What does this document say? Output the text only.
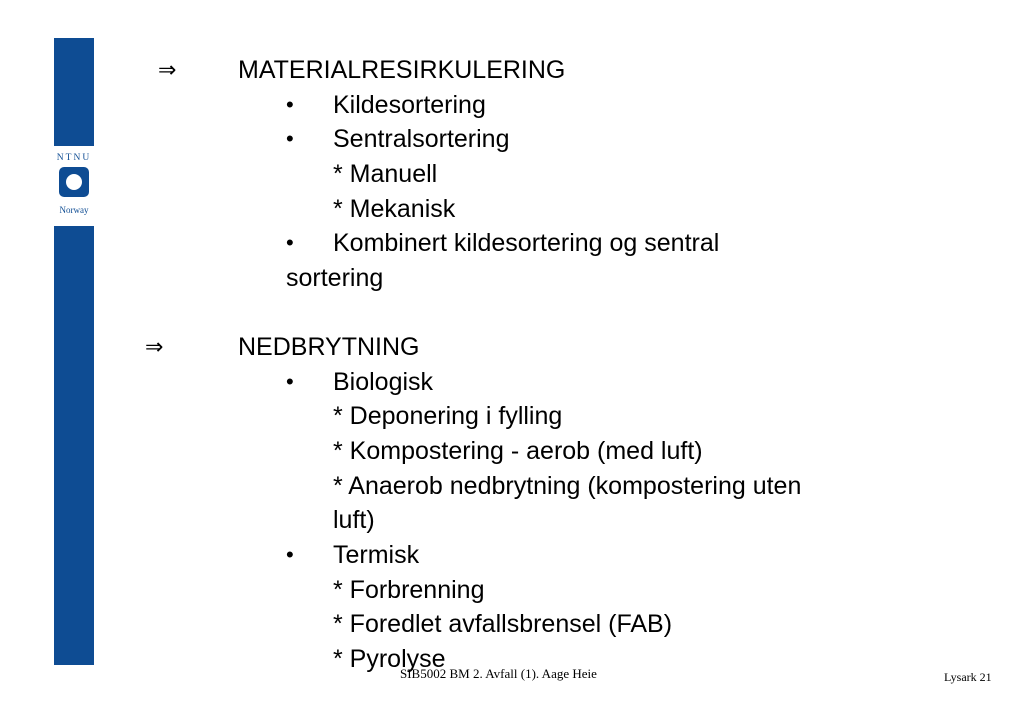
NTNU
Norway
⇒ MATERIALRESIRKULERING
• Kildesortering
• Sentralsortering
* Manuell
* Mekanisk
• Kombinert kildesortering og sentral
sortering
⇒	NEDBRYTNING
• Biologisk
* Deponering i fylling
* Kompostering - aerob (med luft)
* Anaerob nedbrytning (kompostering uten
luft)
• Termisk
* Forbrenning
* Foredlet avfallsbrensel (FAB)
* Pyrolyse
SIB5002 BM 2. Avfall (1). Aage Heie	Lysark 21
